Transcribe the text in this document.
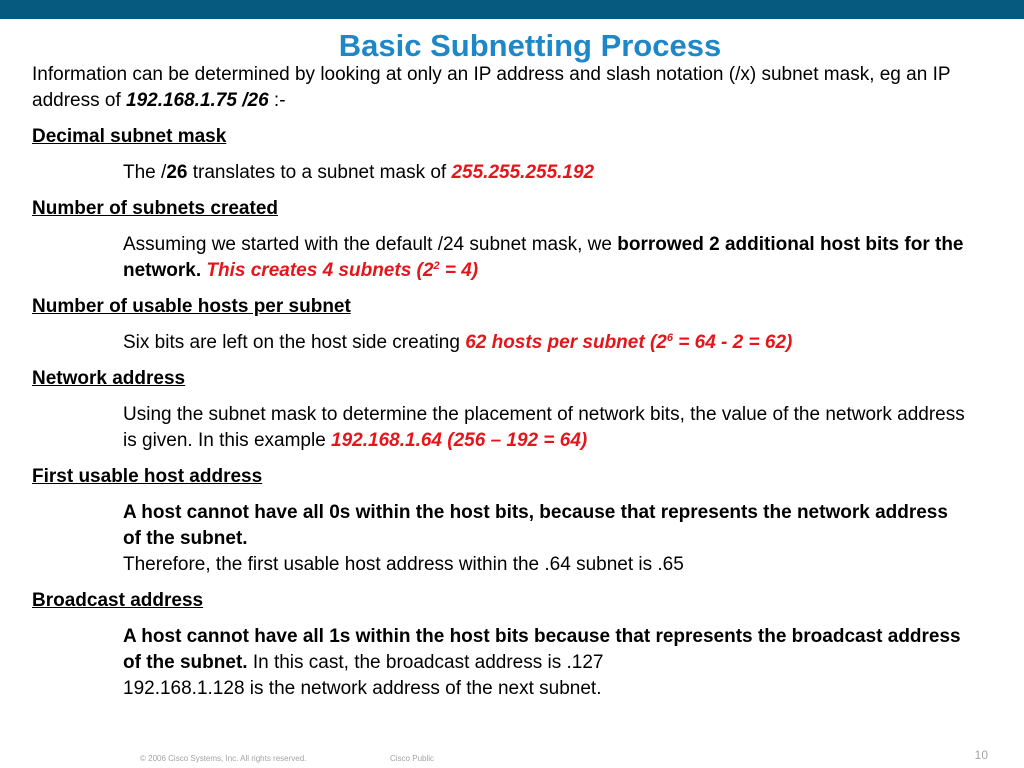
Basic Subnetting Process

Information can be determined by looking at only an IP address and slash notation (/x) subnet mask, eg an IP address of 192.168.1.75 /26 :-

Decimal subnet mask

The /26 translates to a subnet mask of 255.255.255.192

Number of subnets created

Assuming we started with the default /24 subnet mask, we borrowed 2 additional host bits for the network. This creates 4 subnets $(2^2 = 4)$

Number of usable hosts per subnet

Six bits are left on the host side creating 62 hosts per subnet $(2^6 = 64 - 2 = 62)$

Network address

Using the subnet mask to determine the placement of network bits, the value of the network address is given. In this example 192.168.1.64 (256 – 192 = 64)

First usable host address

A host cannot have all 0s within the host bits, because that represents the network address of the subnet.
Therefore, the first usable host address within the .64 subnet is .65

Broadcast address

A host cannot have all 1s within the host bits because that represents the broadcast address of the subnet. In this cast, the broadcast address is .127
192.168.1.128 is the network address of the next subnet.

© 2006 Cisco Systems, Inc. All rights reserved.	Cisco Public	10
